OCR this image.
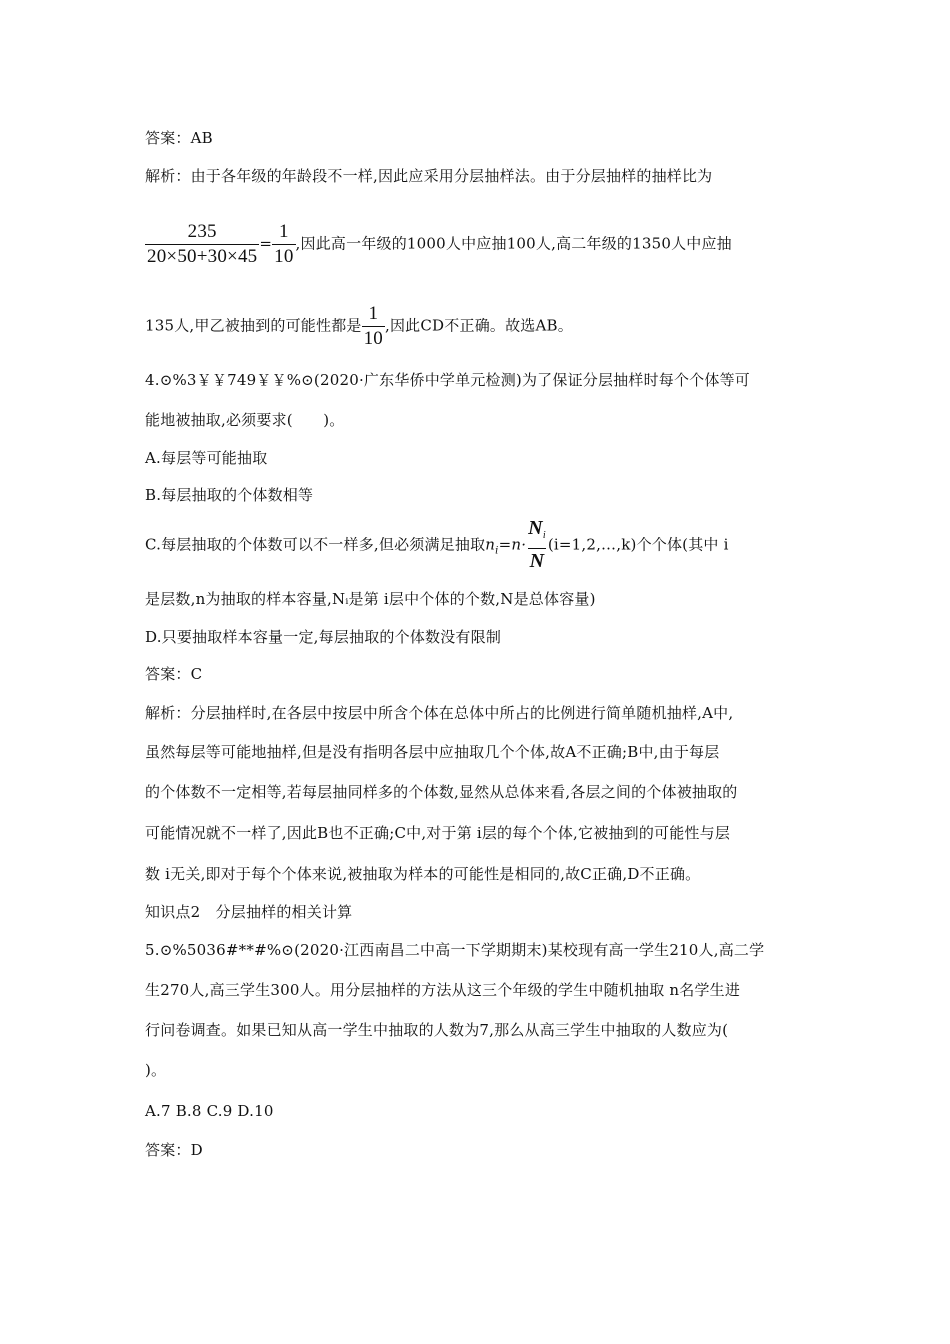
答案：AB
解析：由于各年级的年龄段不一样,因此应采用分层抽样法。由于分层抽样的抽样比为
$\frac{235}{20\times 50+30\times 45} = \frac{1}{10}$ ,因此高一年级的1000人中应抽100人,高二年级的1350人中应抽
135人,甲乙被抽到的可能性都是 $\frac{1}{10}$ ,因此CD不正确。故选AB。
4.⊙%3￥￥749￥￥%⊙(2020·广东华侨中学单元检测)为了保证分层抽样时每个个体等可
能地被抽取,必须要求(　　)。
A.每层等可能抽取
B.每层抽取的个体数相等
C.每层抽取的个体数可以不一样多,但必须满足抽取$n_i=n\cdot \frac{N_i}{N}$ (i=1,2,…,k)个个体(其中 i
是层数,n为抽取的样本容量,Nᵢ是第 i层中个体的个数,N是总体容量)
D.只要抽取样本容量一定,每层抽取的个体数没有限制
答案：C
解析：分层抽样时,在各层中按层中所含个体在总体中所占的比例进行简单随机抽样,A中,
虽然每层等可能地抽样,但是没有指明各层中应抽取几个个体,故A不正确;B中,由于每层
的个体数不一定相等,若每层抽同样多的个体数,显然从总体来看,各层之间的个体被抽取的
可能情况就不一样了,因此B也不正确;C中,对于第 i层的每个个体,它被抽到的可能性与层
数 i无关,即对于每个个体来说,被抽取为样本的可能性是相同的,故C正确,D不正确。
知识点2　分层抽样的相关计算
5.⊙%5036#**#%⊙(2020·江西南昌二中高一下学期期末)某校现有高一学生210人,高二学
生270人,高三学生300人。用分层抽样的方法从这三个年级的学生中随机抽取 n名学生进
行问卷调查。如果已知从高一学生中抽取的人数为7,那么从高三学生中抽取的人数应为(
)。
A.7 B.8 C.9 D.10
答案：D
